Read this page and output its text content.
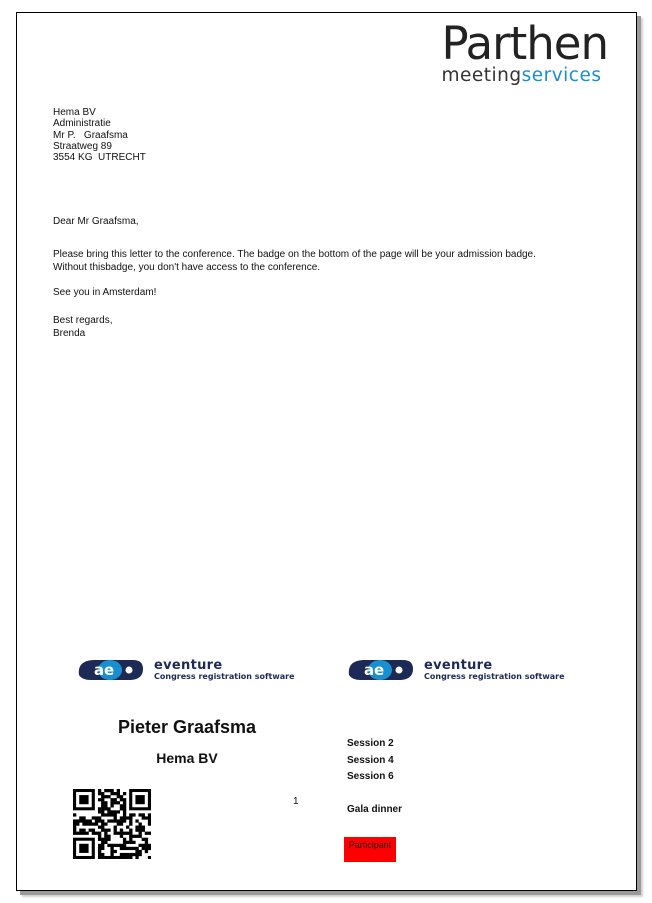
Parthen
meetingservices
Hema BV
Administratie
Mr P.   Graafsma
Straatweg 89
3554 KG  UTRECHT
Dear Mr Graafsma,
Please bring this letter to the conference. The badge on the bottom of the page will be your admission badge.
Without thisbadge, you don't have access to the conference.
See you in Amsterdam!
Best regards,
Brenda
a e	eventure
Congress registration software	a e	eventure
Congress registration software
Pieter Graafsma
Hema BV
1
Session 2
Session 4
Session 6
Gala dinner
Participant
